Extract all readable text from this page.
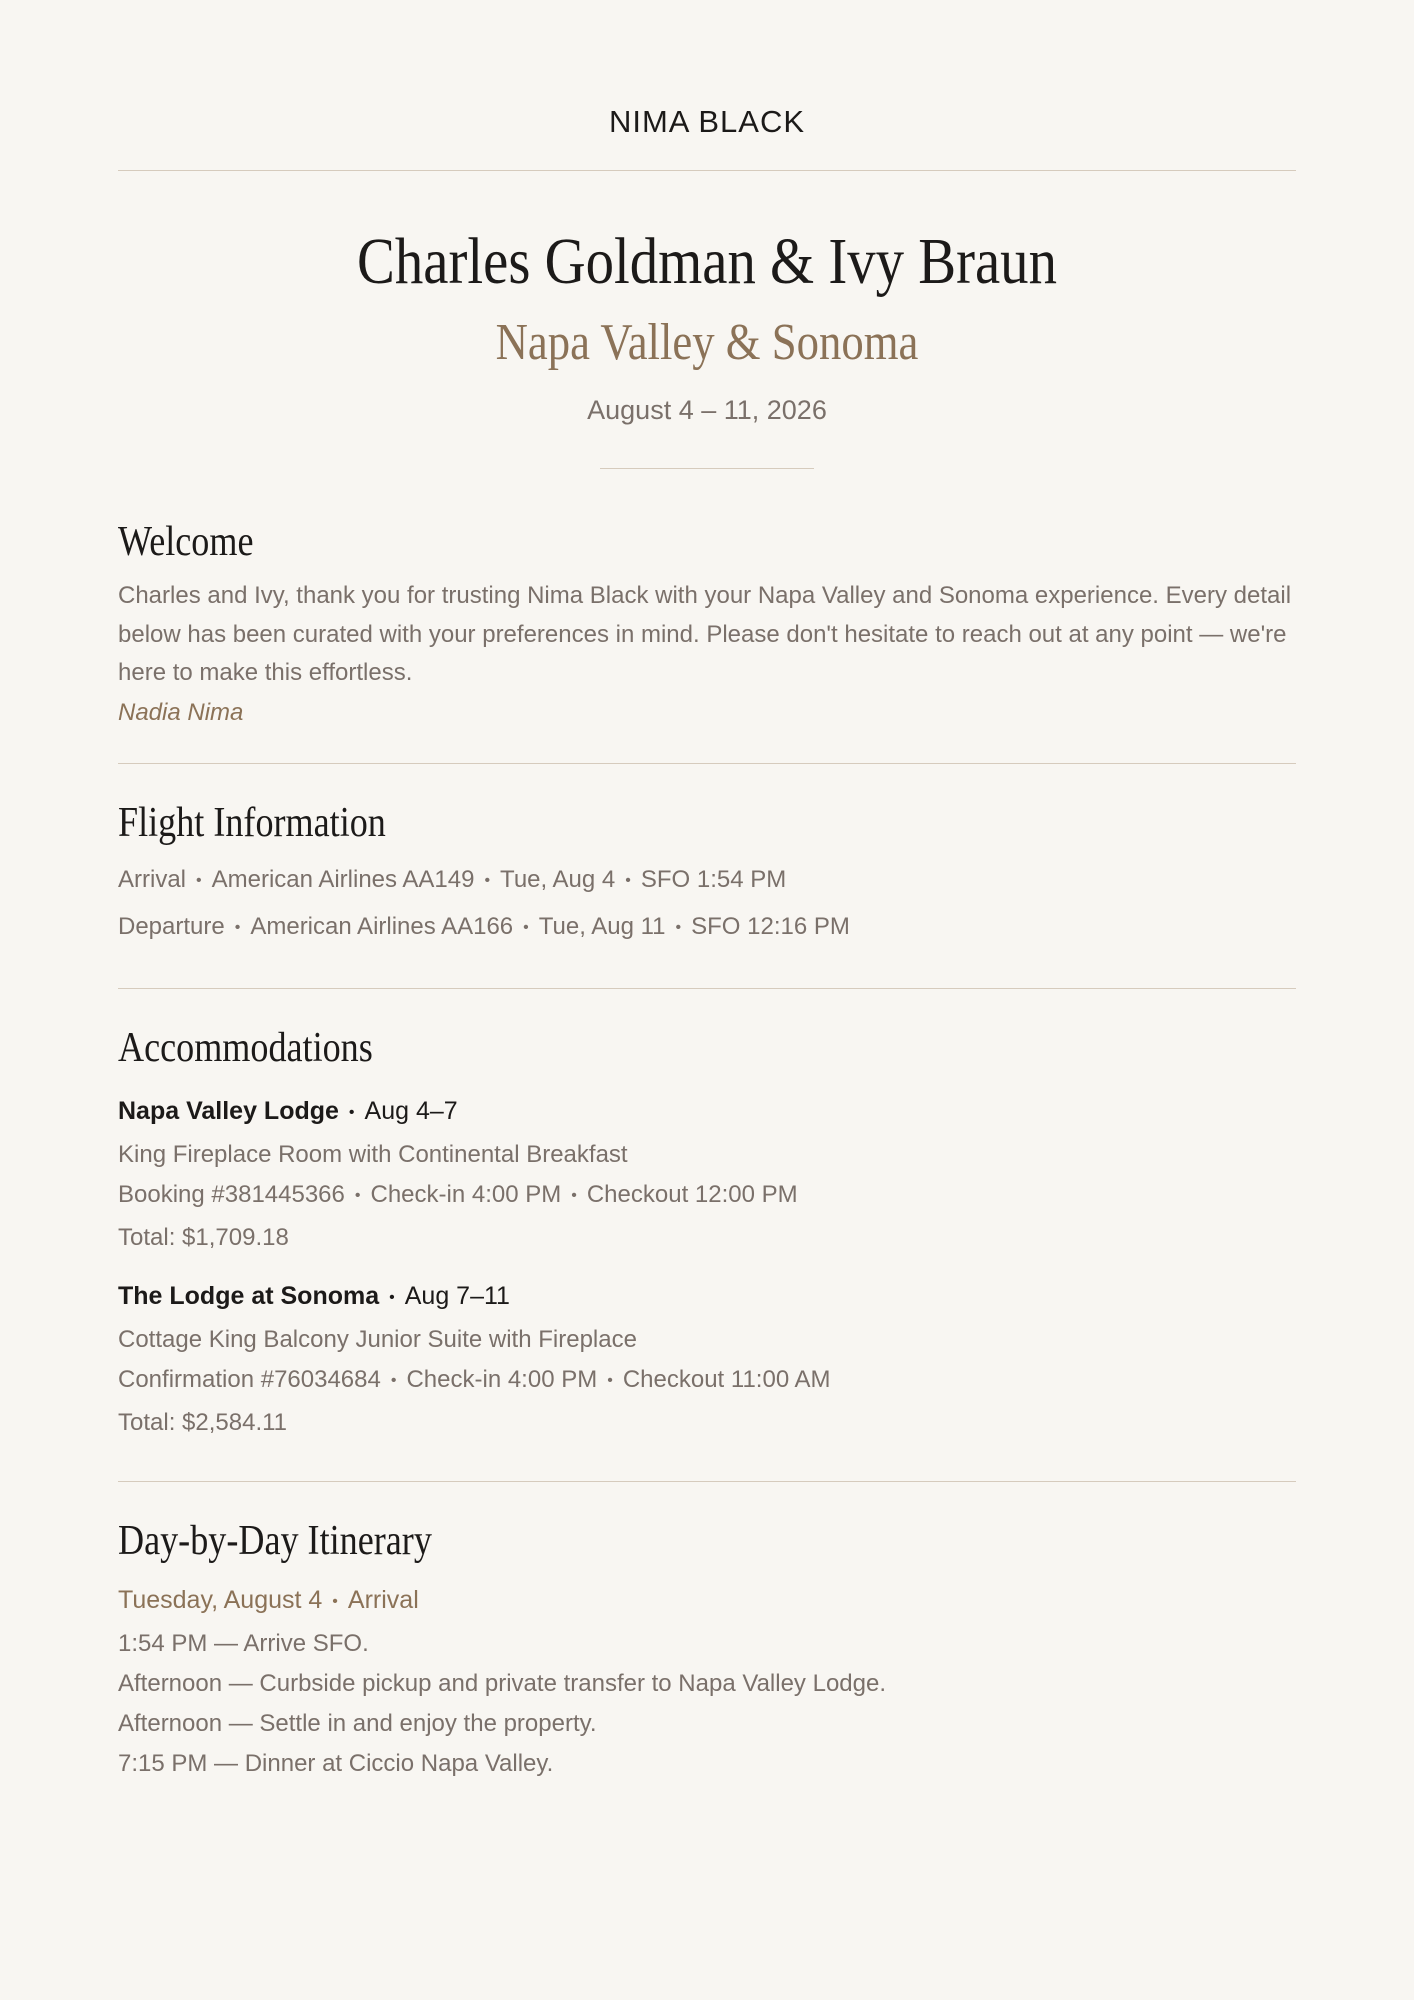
NIMA BLACK
Charles Goldman & Ivy Braun
Napa Valley & Sonoma
August 4 – 11, 2026
Welcome
Charles and Ivy, thank you for trusting Nima Black with your Napa Valley and Sonoma experience. Every detail below has been curated with your preferences in mind. Please don't hesitate to reach out at any point — we're here to make this effortless.
Nadia Nima
Flight Information
Arrival • American Airlines AA149 • Tue, Aug 4 • SFO 1:54 PM
Departure • American Airlines AA166 • Tue, Aug 11 • SFO 12:16 PM
Accommodations
Napa Valley Lodge • Aug 4–7
King Fireplace Room with Continental Breakfast
Booking #381445366 • Check-in 4:00 PM • Checkout 12:00 PM
Total: $1,709.18
The Lodge at Sonoma • Aug 7–11
Cottage King Balcony Junior Suite with Fireplace
Confirmation #76034684 • Check-in 4:00 PM • Checkout 11:00 AM
Total: $2,584.11
Day-by-Day Itinerary
Tuesday, August 4 • Arrival
1:54 PM — Arrive SFO.
Afternoon — Curbside pickup and private transfer to Napa Valley Lodge.
Afternoon — Settle in and enjoy the property.
7:15 PM — Dinner at Ciccio Napa Valley.
